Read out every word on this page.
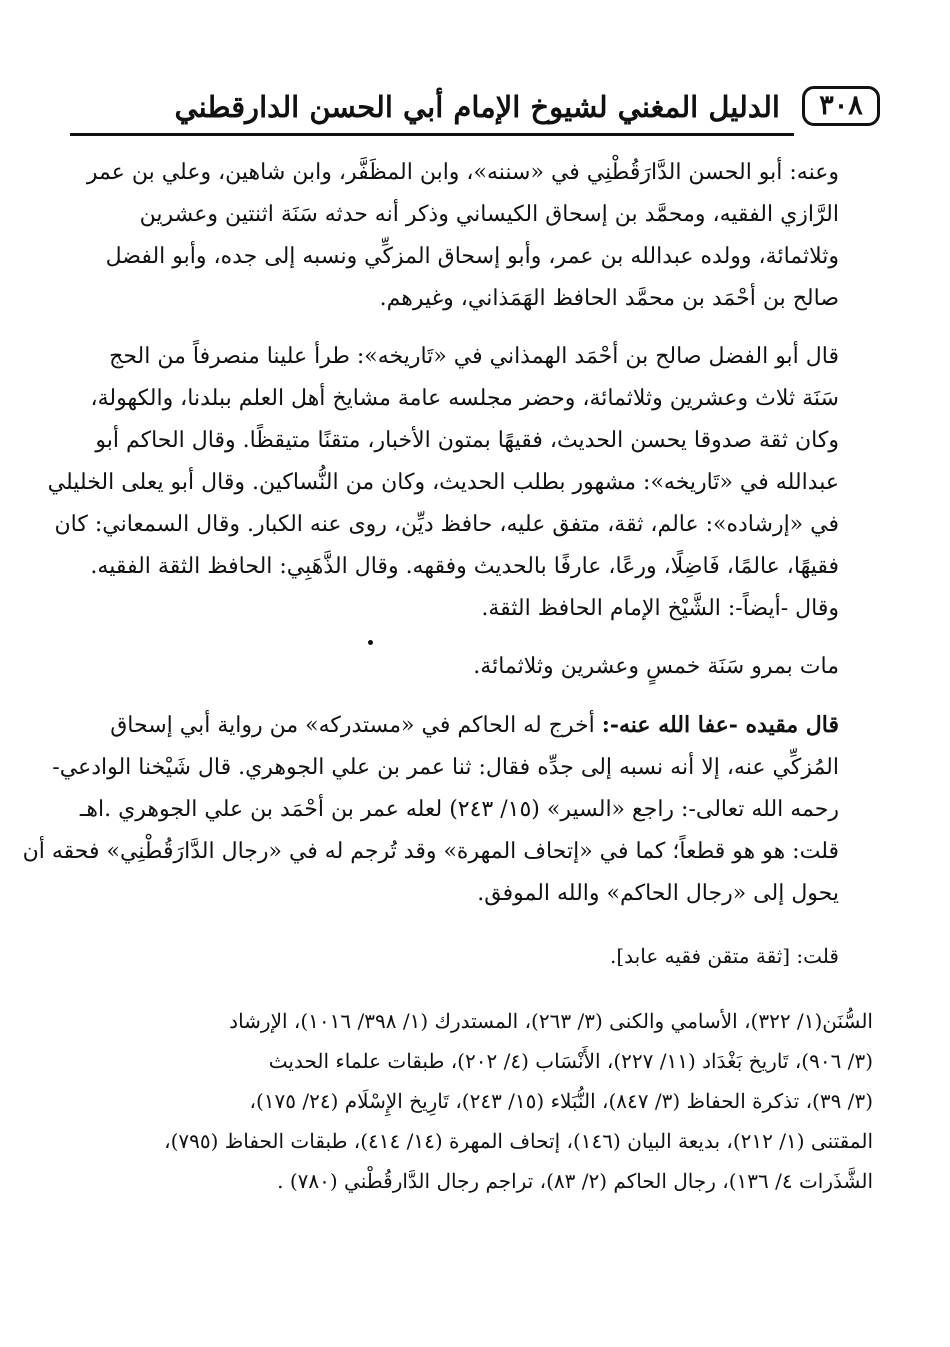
الدليل المغني لشيوخ الإمام أبي الحسن الدارقطني	٣٠٨

وعنه: أبو الحسن الدَّارَقُطْنِي في «سننه»، وابن المظَفَّر، وابن شاهين، وعلي بن عمر
الرَّازي الفقيه، ومحمَّد بن إسحاق الكيساني وذكر أنه حدثه سَنَة اثنتين وعشرين
وثلاثمائة، وولده عبدالله بن عمر، وأبو إسحاق المزكِّي ونسبه إلى جده، وأبو الفضل
صالح بن أحْمَد بن محمَّد الحافظ الهَمَذاني، وغيرهم.

قال أبو الفضل صالح بن أحْمَد الهمذاني في «تَاريخه»: طرأ علينا منصرفاً من الحج
سَنَة ثلاث وعشرين وثلاثمائة، وحضر مجلسه عامة مشايخ أهل العلم ببلدنا، والكهولة،
وكان ثقة صدوقا يحسن الحديث، فقيهًا بمتون الأخبار، متقنًا متيقظًا. وقال الحاكم أبو
عبدالله في «تَاريخه»: مشهور بطلب الحديث، وكان من النُّساكين. وقال أبو يعلى الخليلي
في «إرشاده»: عالم، ثقة، متفق عليه، حافظ ديِّن، روى عنه الكبار. وقال السمعاني: كان
فقيهًا، عالمًا، فَاضِلًا، ورعًا، عارفًا بالحديث وفقهه. وقال الذَّهَبِي: الحافظ الثقة الفقيه.
وقال -أيضاً-: الشَّيْخ الإمام الحافظ الثقة.

مات بمرو سَنَة خمسٍ وعشرين وثلاثمائة.

قال مقيده -عفا الله عنه-: أخرج له الحاكم في «مستدركه» من رواية أبي إسحاق
المُزكِّي عنه، إلا أنه نسبه إلى جدِّه فقال: ثنا عمر بن علي الجوهري. قال شَيْخنا الوادعي-
رحمه الله تعالى-: راجع «السير» (١٥/ ٢٤٣) لعله عمر بن أحْمَد بن علي الجوهري .اهـ
قلت: هو هو قطعاً؛ كما في «إتحاف المهرة» وقد تُرجم له في «رجال الدَّارَقُطْنِي» فحقه أن
يحول إلى «رجال الحاكم» والله الموفق.

قلت: [ثقة متقن فقيه عابد].

السُّنَن(١/ ٣٢٢)، الأسامي والكنى (٣/ ٢٦٣)، المستدرك (١/ ٣٩٨/ ١٠١٦)، الإرشاد
(٣/ ٩٠٦)، تَاريخ بَغْدَاد (١١/ ٢٢٧)، الأَنْسَاب (٤/ ٢٠٢)، طبقات علماء الحديث
(٣/ ٣٩)، تذكرة الحفاظ (٣/ ٨٤٧)، النُّبَلاء (١٥/ ٢٤٣)، تَارِيخ الإِسْلَام (٢٤/ ١٧٥)،
المقتنى (١/ ٢١٢)، بديعة البيان (١٤٦)، إتحاف المهرة (١٤/ ٤١٤)، طبقات الحفاظ (٧٩٥)،
الشَّذَرات ٤/ ١٣٦)، رجال الحاكم (٢/ ٨٣)، تراجم رجال الدَّارقُطْني (٧٨٠) .
